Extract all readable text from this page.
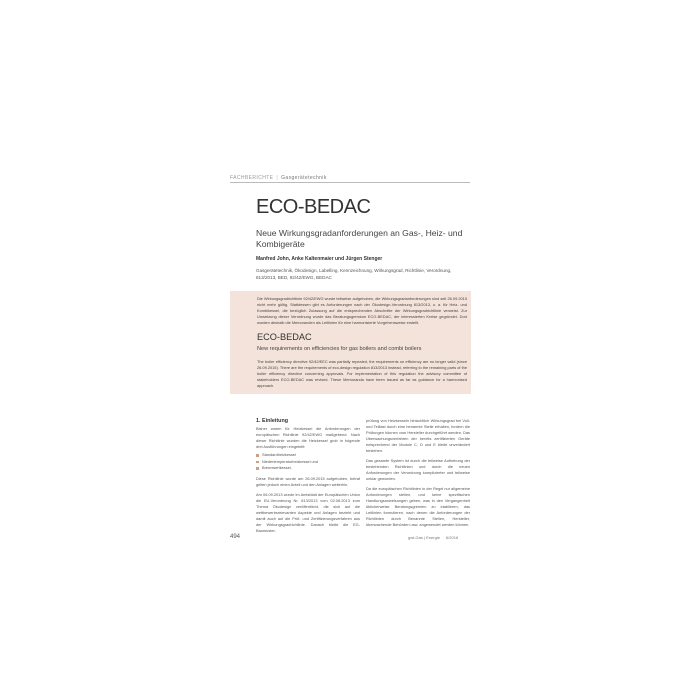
FACHBERICHTE | Gasgerätetechnik
ECO-BEDAC
Neue Wirkungsgradanforderungen an Gas-, Heiz- und Kombigeräte
Manfred John, Anke Kaltenmaier und Jürgen Stenger
Gasgerätetechnik, Ökodesign, Labelling, Kennzeichnung, Wirkungsgrad, Richtlinie, Verordnung, 813/2013, BED, 92/42/EWG, BEDAC
Die Wirkungsgradrichtlinie 92/42/EWG wurde teilweise aufgehoben, die Wirkungsgradanforderungen sind seit 26.09.2015 nicht mehr gültig. Stattdessen gibt es Anforderungen nach der Ökodesign-Verordnung 813/2013, u. a. für Heiz- und Kombikessel, die bezüglich Zulassung auf die entsprechenden Abschnitte der Wirkungsgradrichtlinie verweist. Zur Umsetzung dieser Verordnung wurde das Beratungsgremium ECO-BEDAC, der interessierten Kreise gegründet. Dort wurden deshalb die Memoranden als Leitlinien für eine harmonisierte Vorgehensweise erstellt.
ECO-BEDAC
New requirements on efficiencies for gas boilers and combi boilers
The boiler efficiency directive 92/42/EEC was partially repealed, the requirements on efficiency are no longer valid (since 26.09.2015). There are the requirements of eco-design regulation 813/2013 instead, referring to the remaining parts of the boiler efficiency directive concerning approvals. For implementation of this regulation the advisory committee of stakeholders ECO-BEDAC was revised. These Memoranda have been issued as far as guidance for a harmonised approach.
1. Einleitung

Bisher waren für Heizkessel die Anforderungen der europäischen Richtlinie 92/42/EWG maßgebend. Nach dieser Richtlinie wurden die Heizkessel grob in folgende drei Ausführungen eingeteilt:

Standardheizkessel
Niedertemperaturheizkessel und
Brennwertkessel.

Diese Richtlinie wurde am 26.09.2015 aufgehoben, betraf gelten jedoch einen Anteil und den Anlagen weiterhin.

Am 06.09.2013 wurde im Amtsblatt der Europäischen Union die EU-Verordnung Nr. 813/2013 vom 02.08.2013 zum Thema Ökodesign veröffentlicht, die sich auf die wettbewerbsrelevanten Aspekte und Anlagen bezieht und damit auch auf die Prüf- und Zertifizierungsverfahren aus der Wirkungsgradrichtlinie. Danach bleibt die EG-Baumuster-

prüfung von Heizkesseln hinsichtlich Wirkungsgrad bei Voll- und Teillast durch eine benannte Stelle erhalten, fordern die Prüfungen können vom Hersteller durchgeführt werden. Das Überwachungsverfahren der bereits zertifizierten Geräte entsprechend der Module C, D und E bleibt unverändert bestehen.

Das gesamte System ist durch die teilweise Aufhebung der bestehenden Richtlinien und durch die neuen Anforderungen der Verordnung komplizierter und teilweise unklar geworden.

Da die europäischen Richtlinien in der Regel nur allgemeine Anforderungen stellen, und keine spezifischen Handlungsanweisungen geben, was in den Vergangenheit üblicherweise Beratungsgremien zu etablieren, das Leitlinien formulieren, nach denen die Anforderungen der Richtlinien durch Benannte Stellen, Hersteller, überwachende Behörden usw. angewendet werden können.

494	gwf-Gas | Energie 6/2016
